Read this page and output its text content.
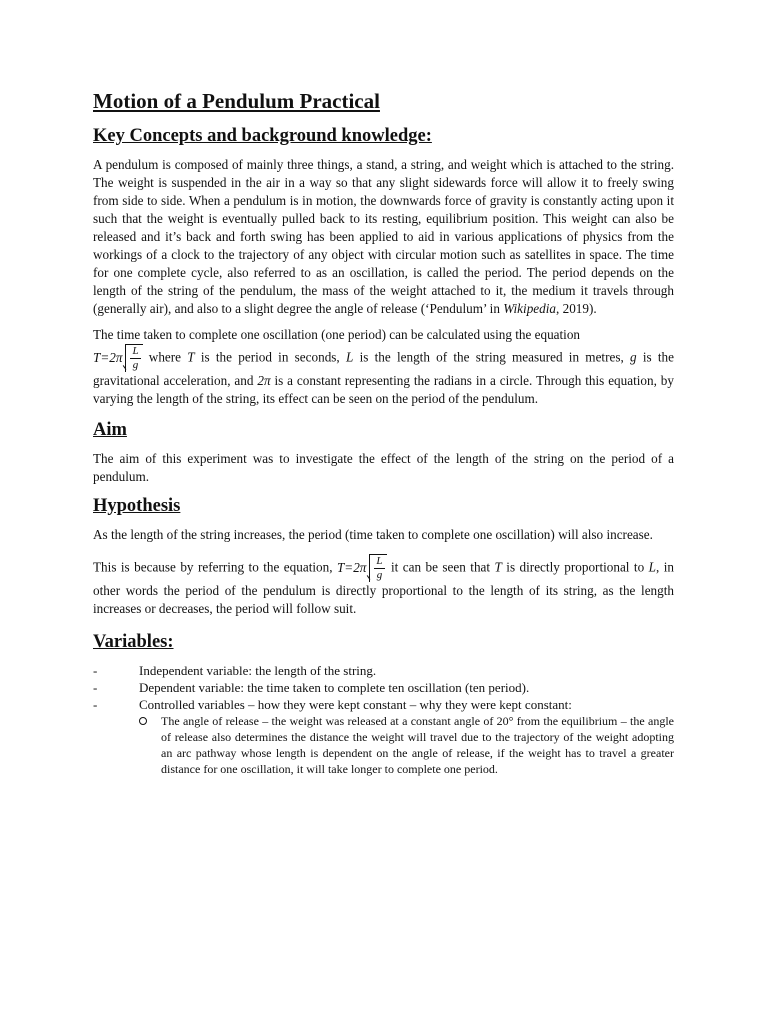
Motion of a Pendulum Practical
Key Concepts and background knowledge:

A pendulum is composed of mainly three things, a stand, a string, and weight which is attached to the string. The weight is suspended in the air in a way so that any slight sidewards force will allow it to freely swing from side to side. When a pendulum is in motion, the downwards force of gravity is constantly acting upon it such that the weight is eventually pulled back to its resting, equilibrium position. This weight can also be released and it’s back and forth swing has been applied to aid in various applications of physics from the workings of a clock to the trajectory of any object with circular motion such as satellites in space. The time for one complete cycle, also referred to as an oscillation, is called the period. The period depends on the length of the string of the pendulum, the mass of the weight attached to it, the medium it travels through (generally air), and also to a slight degree the angle of release (‘Pendulum’ in Wikipedia, 2019).

The time taken to complete one oscillation (one period) can be calculated using the equation
$T=2\pi \frac{L}{g}$ where T is the period in seconds, L is the length of the string measured in metres, g is the gravitational acceleration, and 2π is a constant representing the radians in a circle. Through this equation, by varying the length of the string, its effect can be seen on the period of the pendulum.

Aim

The aim of this experiment was to investigate the effect of the length of the string on the period of a pendulum.

Hypothesis

As the length of the string increases, the period (time taken to complete one oscillation) will also increase.

This is because by referring to the equation, $T=2\pi \frac{L}{g}$ it can be seen that T is directly proportional to L, in other words the period of the pendulum is directly proportional to the length of its string, as the length increases or decreases, the period will follow suit.

Variables:
- Independent variable: the length of the string.
- Dependent variable: the time taken to complete ten oscillation (ten period).
- Controlled variables – how they were kept constant – why they were kept constant:
The angle of release – the weight was released at a constant angle of 20° from the equilibrium – the angle of release also determines the distance the weight will travel due to the trajectory of the weight adopting an arc pathway whose length is dependent on the angle of release, if the weight has to travel a greater distance for one oscillation, it will take longer to complete one period.
